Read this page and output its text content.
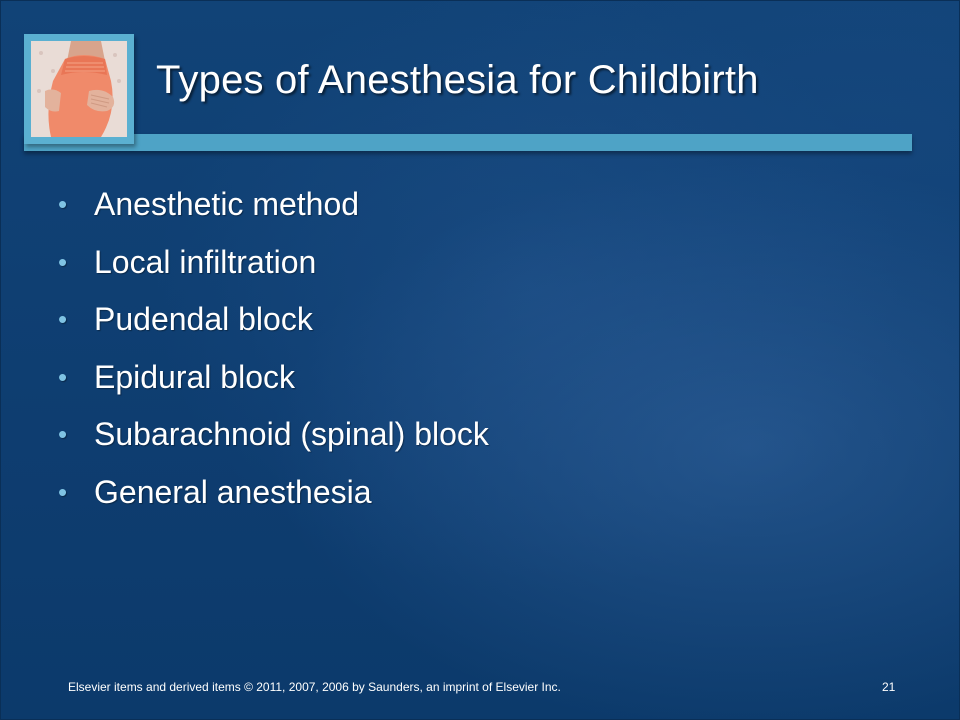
Types of Anesthesia for Childbirth
• Anesthetic method
• Local infiltration
• Pudendal block
• Epidural block
• Subarachnoid (spinal) block
• General anesthesia
Elsevier items and derived items © 2011, 2007, 2006 by Saunders, an imprint of Elsevier Inc.	21
